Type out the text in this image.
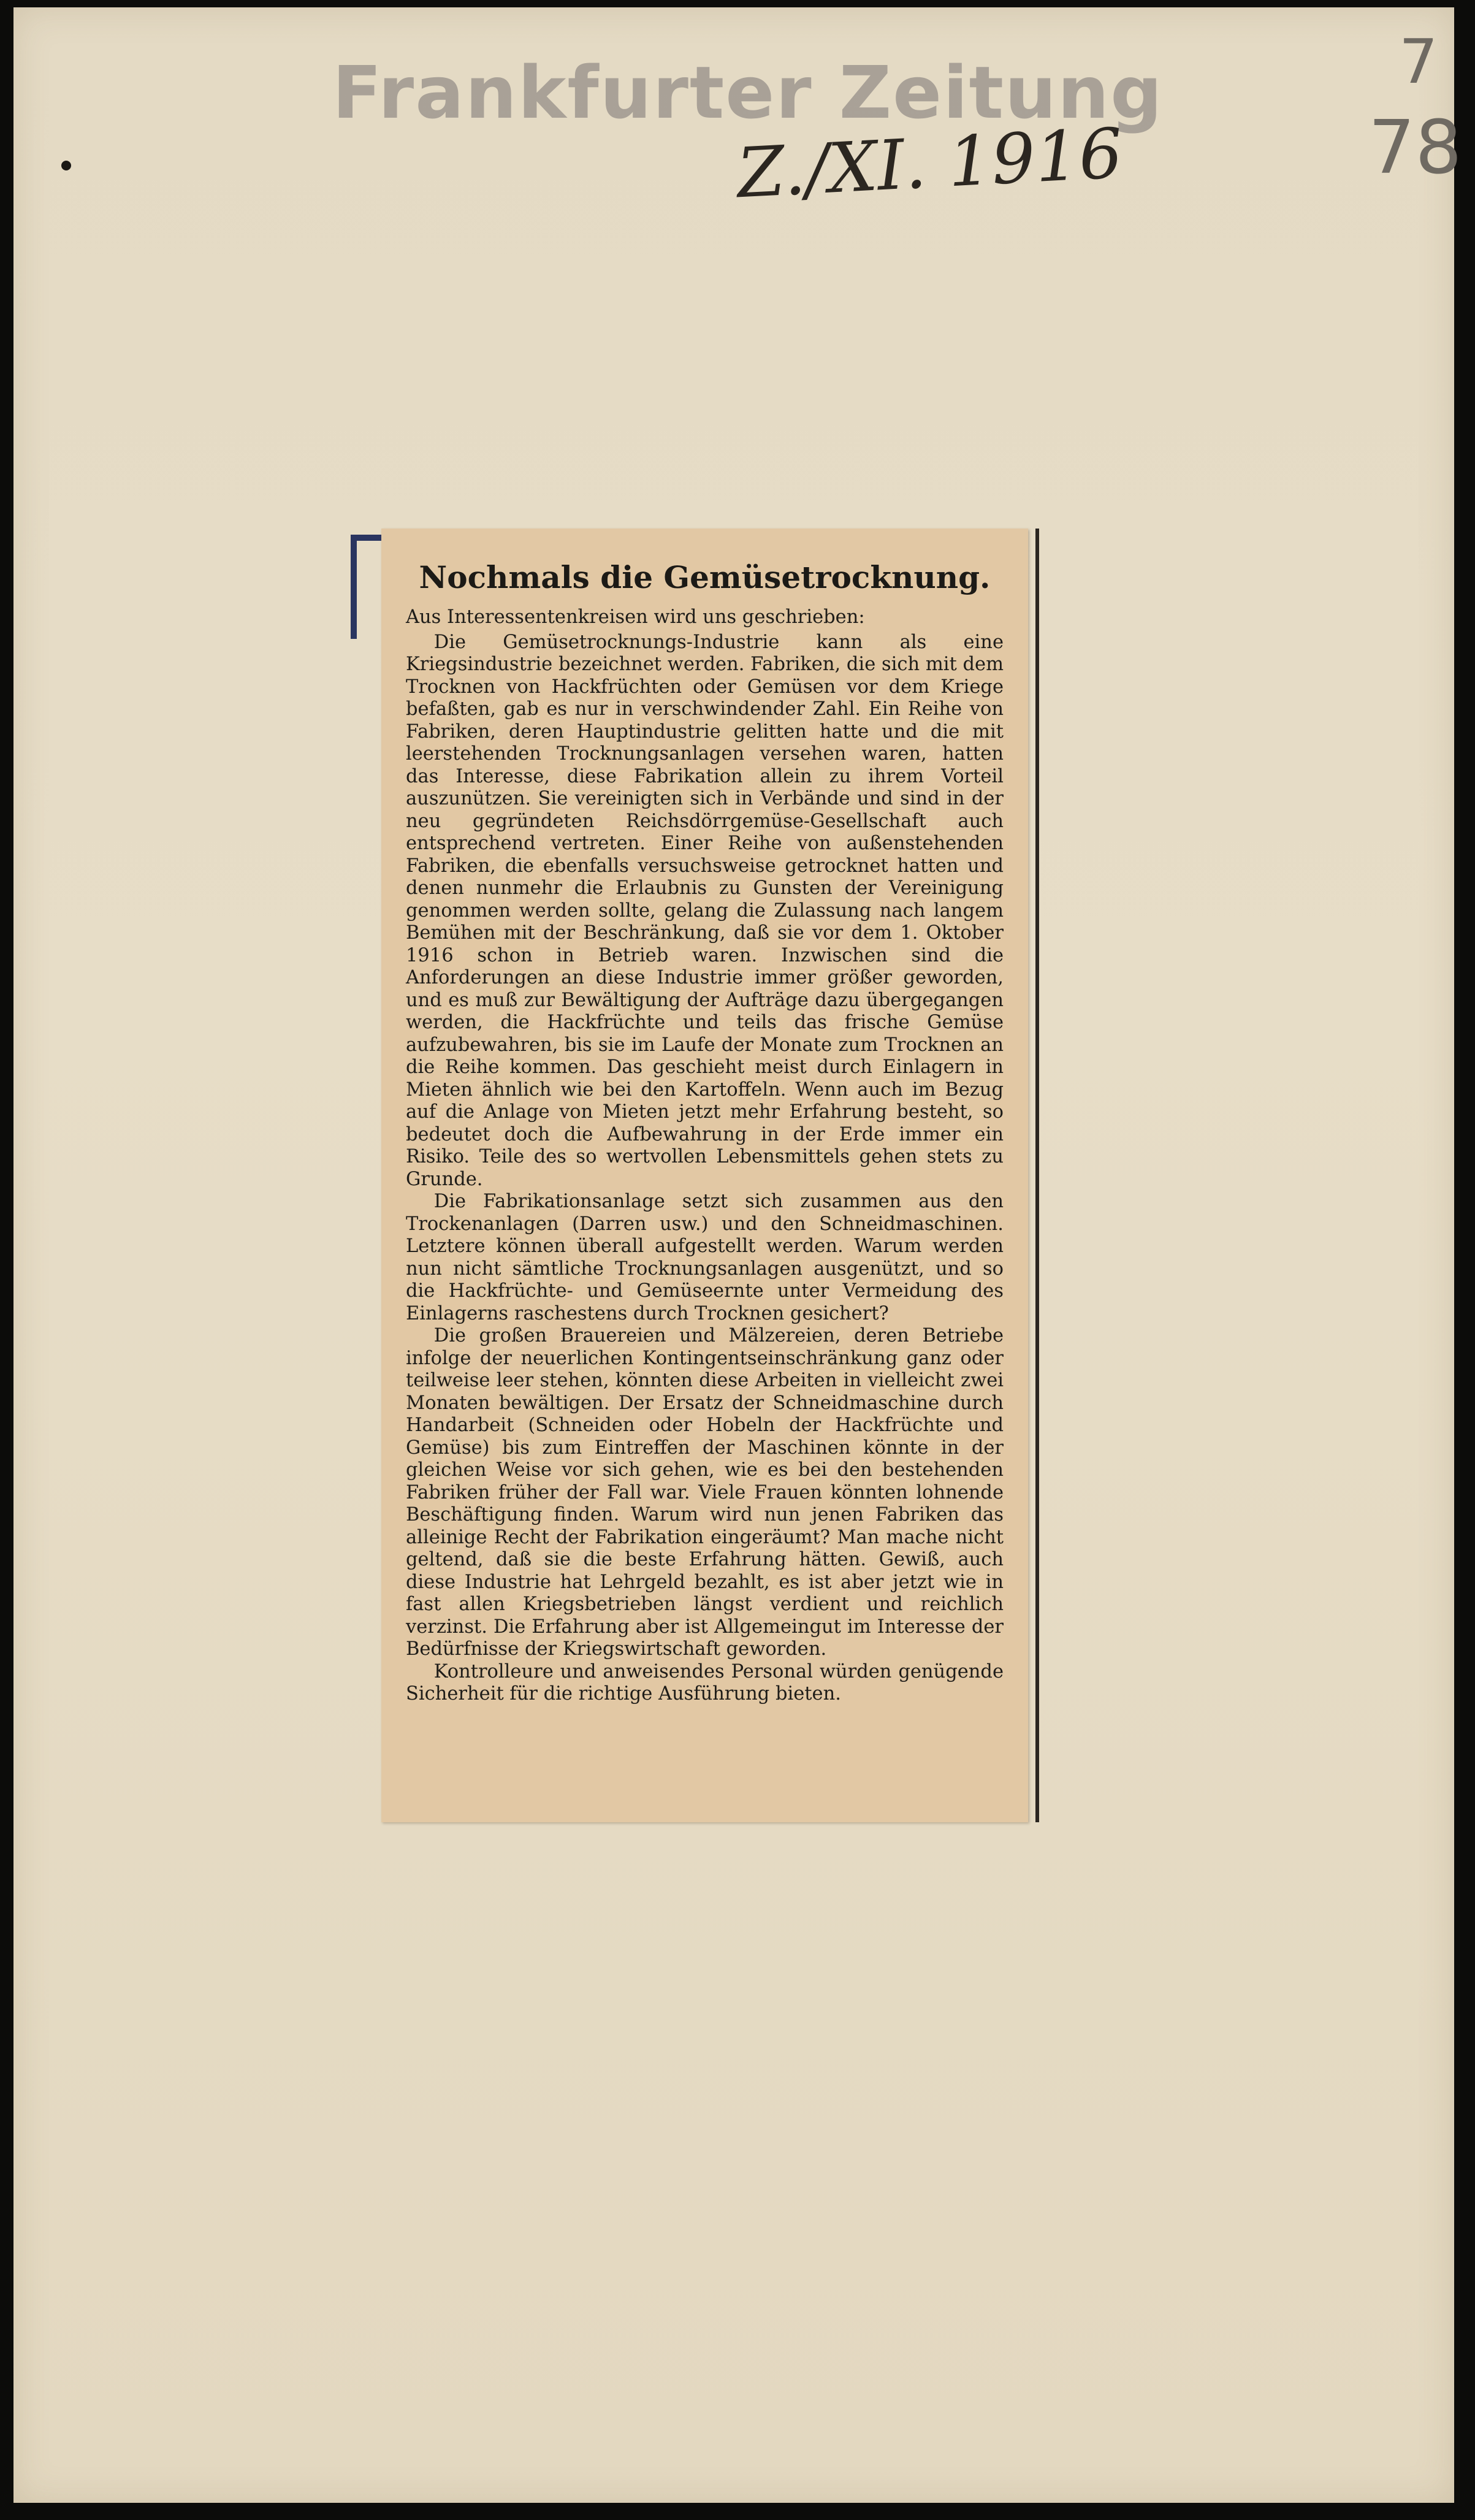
Frankfurter Zeitung
Z./XI. 1916
7
78
Nochmals die Gemüsetrocknung.

Aus Interessentenkreisen wird uns geschrieben:

Die Gemüsetrocknungs-Industrie kann als eine Kriegsindustrie bezeichnet werden. Fabriken, die sich mit dem Trocknen von Hackfrüchten oder Gemüsen vor dem Kriege befaßten, gab es nur in verschwindender Zahl. Ein Reihe von Fabriken, deren Hauptindustrie gelitten hatte und die mit leerstehenden Trocknungsanlagen versehen waren, hatten das Interesse, diese Fabrikation allein zu ihrem Vorteil auszunützen. Sie vereinigten sich in Verbände und sind in der neu gegründeten Reichsdörrgemüse-Gesellschaft auch entsprechend vertreten. Einer Reihe von außenstehenden Fabriken, die ebenfalls versuchsweise getrocknet hatten und denen nunmehr die Erlaubnis zu Gunsten der Vereinigung genommen werden sollte, gelang die Zulassung nach langem Bemühen mit der Beschränkung, daß sie vor dem 1. Oktober 1916 schon in Betrieb waren. Inzwischen sind die Anforderungen an diese Industrie immer größer geworden, und es muß zur Bewältigung der Aufträge dazu übergegangen werden, die Hackfrüchte und teils das frische Gemüse aufzubewahren, bis sie im Laufe der Monate zum Trocknen an die Reihe kommen. Das geschieht meist durch Einlagern in Mieten ähnlich wie bei den Kartoffeln. Wenn auch im Bezug auf die Anlage von Mieten jetzt mehr Erfahrung besteht, so bedeutet doch die Aufbewahrung in der Erde immer ein Risiko. Teile des so wertvollen Lebensmittels gehen stets zu Grunde.

Die Fabrikationsanlage setzt sich zusammen aus den Trockenanlagen (Darren usw.) und den Schneidmaschinen. Letztere können überall aufgestellt werden. Warum werden nun nicht sämtliche Trocknungsanlagen ausgenützt, und so die Hackfrüchte- und Gemüseernte unter Vermeidung des Einlagerns raschestens durch Trocknen gesichert?

Die großen Brauereien und Mälzereien, deren Betriebe infolge der neuerlichen Kontingentseinschränkung ganz oder teilweise leer stehen, könnten diese Arbeiten in vielleicht zwei Monaten bewältigen. Der Ersatz der Schneidmaschine durch Handarbeit (Schneiden oder Hobeln der Hackfrüchte und Gemüse) bis zum Eintreffen der Maschinen könnte in der gleichen Weise vor sich gehen, wie es bei den bestehenden Fabriken früher der Fall war. Viele Frauen könnten lohnende Beschäftigung finden. Warum wird nun jenen Fabriken das alleinige Recht der Fabrikation eingeräumt? Man mache nicht geltend, daß sie die beste Erfahrung hätten. Gewiß, auch diese Industrie hat Lehrgeld bezahlt, es ist aber jetzt wie in fast allen Kriegsbetrieben längst verdient und reichlich verzinst. Die Erfahrung aber ist Allgemeingut im Interesse der Bedürfnisse der Kriegswirtschaft geworden.

Kontrolleure und anweisendes Personal würden genügende Sicherheit für die richtige Ausführung bieten.
